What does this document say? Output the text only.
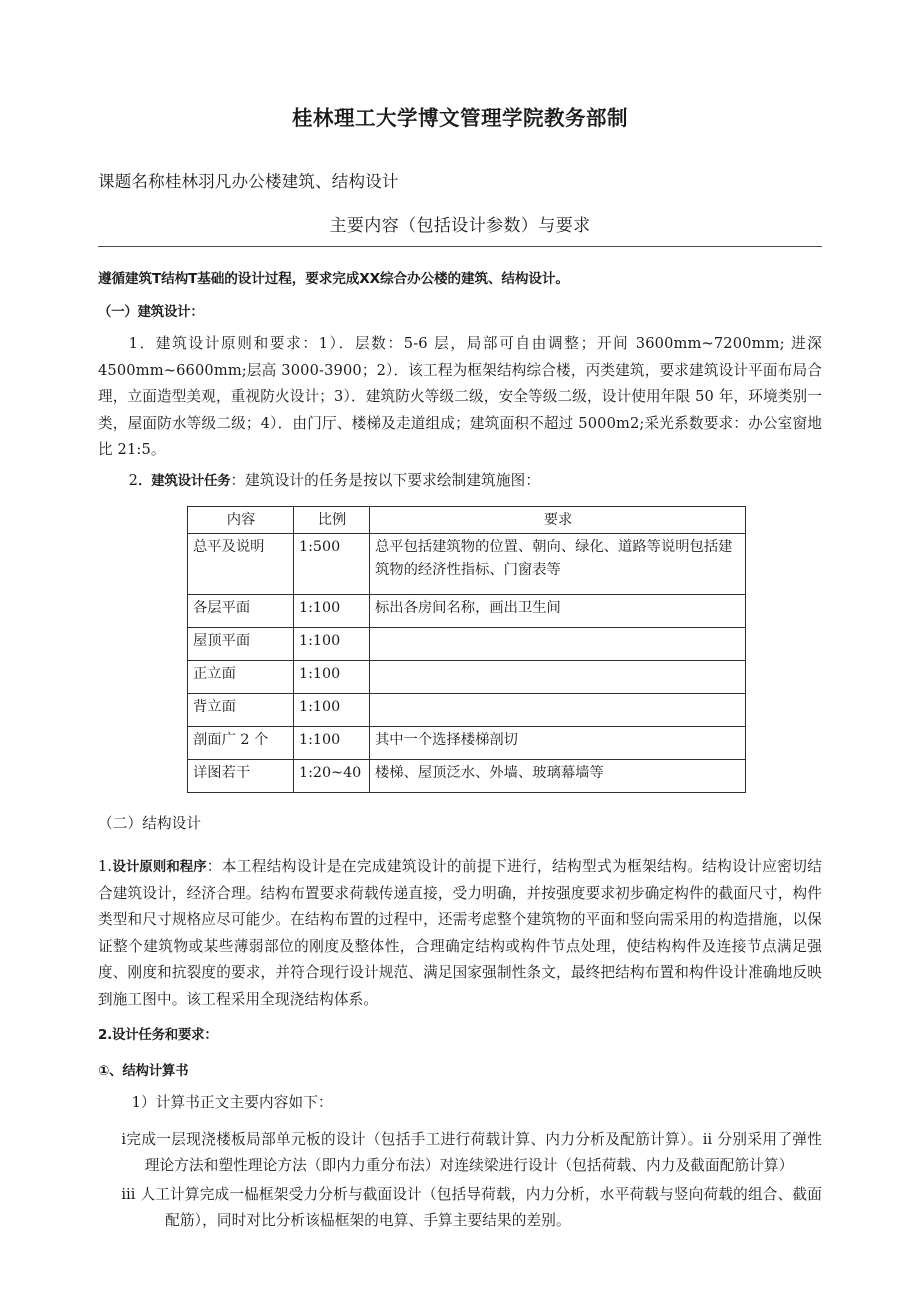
桂林理工大学博文管理学院教务部制

课题名称桂林羽凡办公楼建筑、结构设计

主要内容（包括设计参数）与要求

遵循建筑T结构T基础的设计过程，要求完成XX综合办公楼的建筑、结构设计。

（一）建筑设计：

1．建筑设计原则和要求：1）．层数：5-6 层，局部可自由调整；开间 3600mm~7200mm; 进深 4500mm~6600mm;层高 3000-3900；2）．该工程为框架结构综合楼，丙类建筑，要求建筑设计平面布局合理，立面造型美观，重视防火设计；3）．建筑防火等级二级，安全等级二级，设计使用年限 50 年，环境类别一类，屋面防水等级二级；4）．由门厅、楼梯及走道组成；建筑面积不超过 5000m2;采光系数要求：办公室窗地比 21:5。

2．建筑设计任务：建筑设计的任务是按以下要求绘制建筑施图：

内容	比例	要求
总平及说明	1:500	总平包括建筑物的位置、朝向、绿化、道路等说明包括建筑物的经济性指标、门窗表等
各层平面	1:100	标出各房间名称，画出卫生间
屋顶平面	1:100	
正立面	1:100	
背立面	1:100	
剖面广 2 个	1:100	其中一个选择楼梯剖切
详图若干	1:20~40	楼梯、屋顶泛水、外墙、玻璃幕墙等

（二）结构设计

1.设计原则和程序：本工程结构设计是在完成建筑设计的前提下进行，结构型式为框架结构。结构设计应密切结合建筑设计，经济合理。结构布置要求荷载传递直接，受力明确，并按强度要求初步确定构件的截面尺寸，构件类型和尺寸规格应尽可能少。在结构布置的过程中，还需考虑整个建筑物的平面和竖向需采用的构造措施，以保证整个建筑物或某些薄弱部位的刚度及整体性，合理确定结构或构件节点处理，使结构构件及连接节点满足强度、刚度和抗裂度的要求，并符合现行设计规范、满足国家强制性条文，最终把结构布置和构件设计准确地反映到施工图中。该工程采用全现浇结构体系。

2.设计任务和要求：

①、结构计算书

1）计算书正文主要内容如下：

ⅰ完成一层现浇楼板局部单元板的设计（包括手工进行荷载计算、内力分析及配筋计算）。ⅱ 分别采用了弹性理论方法和塑性理论方法（即内力重分布法）对连续梁进行设计（包括荷载、内力及截面配筋计算）

ⅲ 人工计算完成一榀框架受力分析与截面设计（包括导荷载，内力分析，水平荷载与竖向荷载的组合、截面配筋），同时对比分析该榀框架的电算、手算主要结果的差别。
